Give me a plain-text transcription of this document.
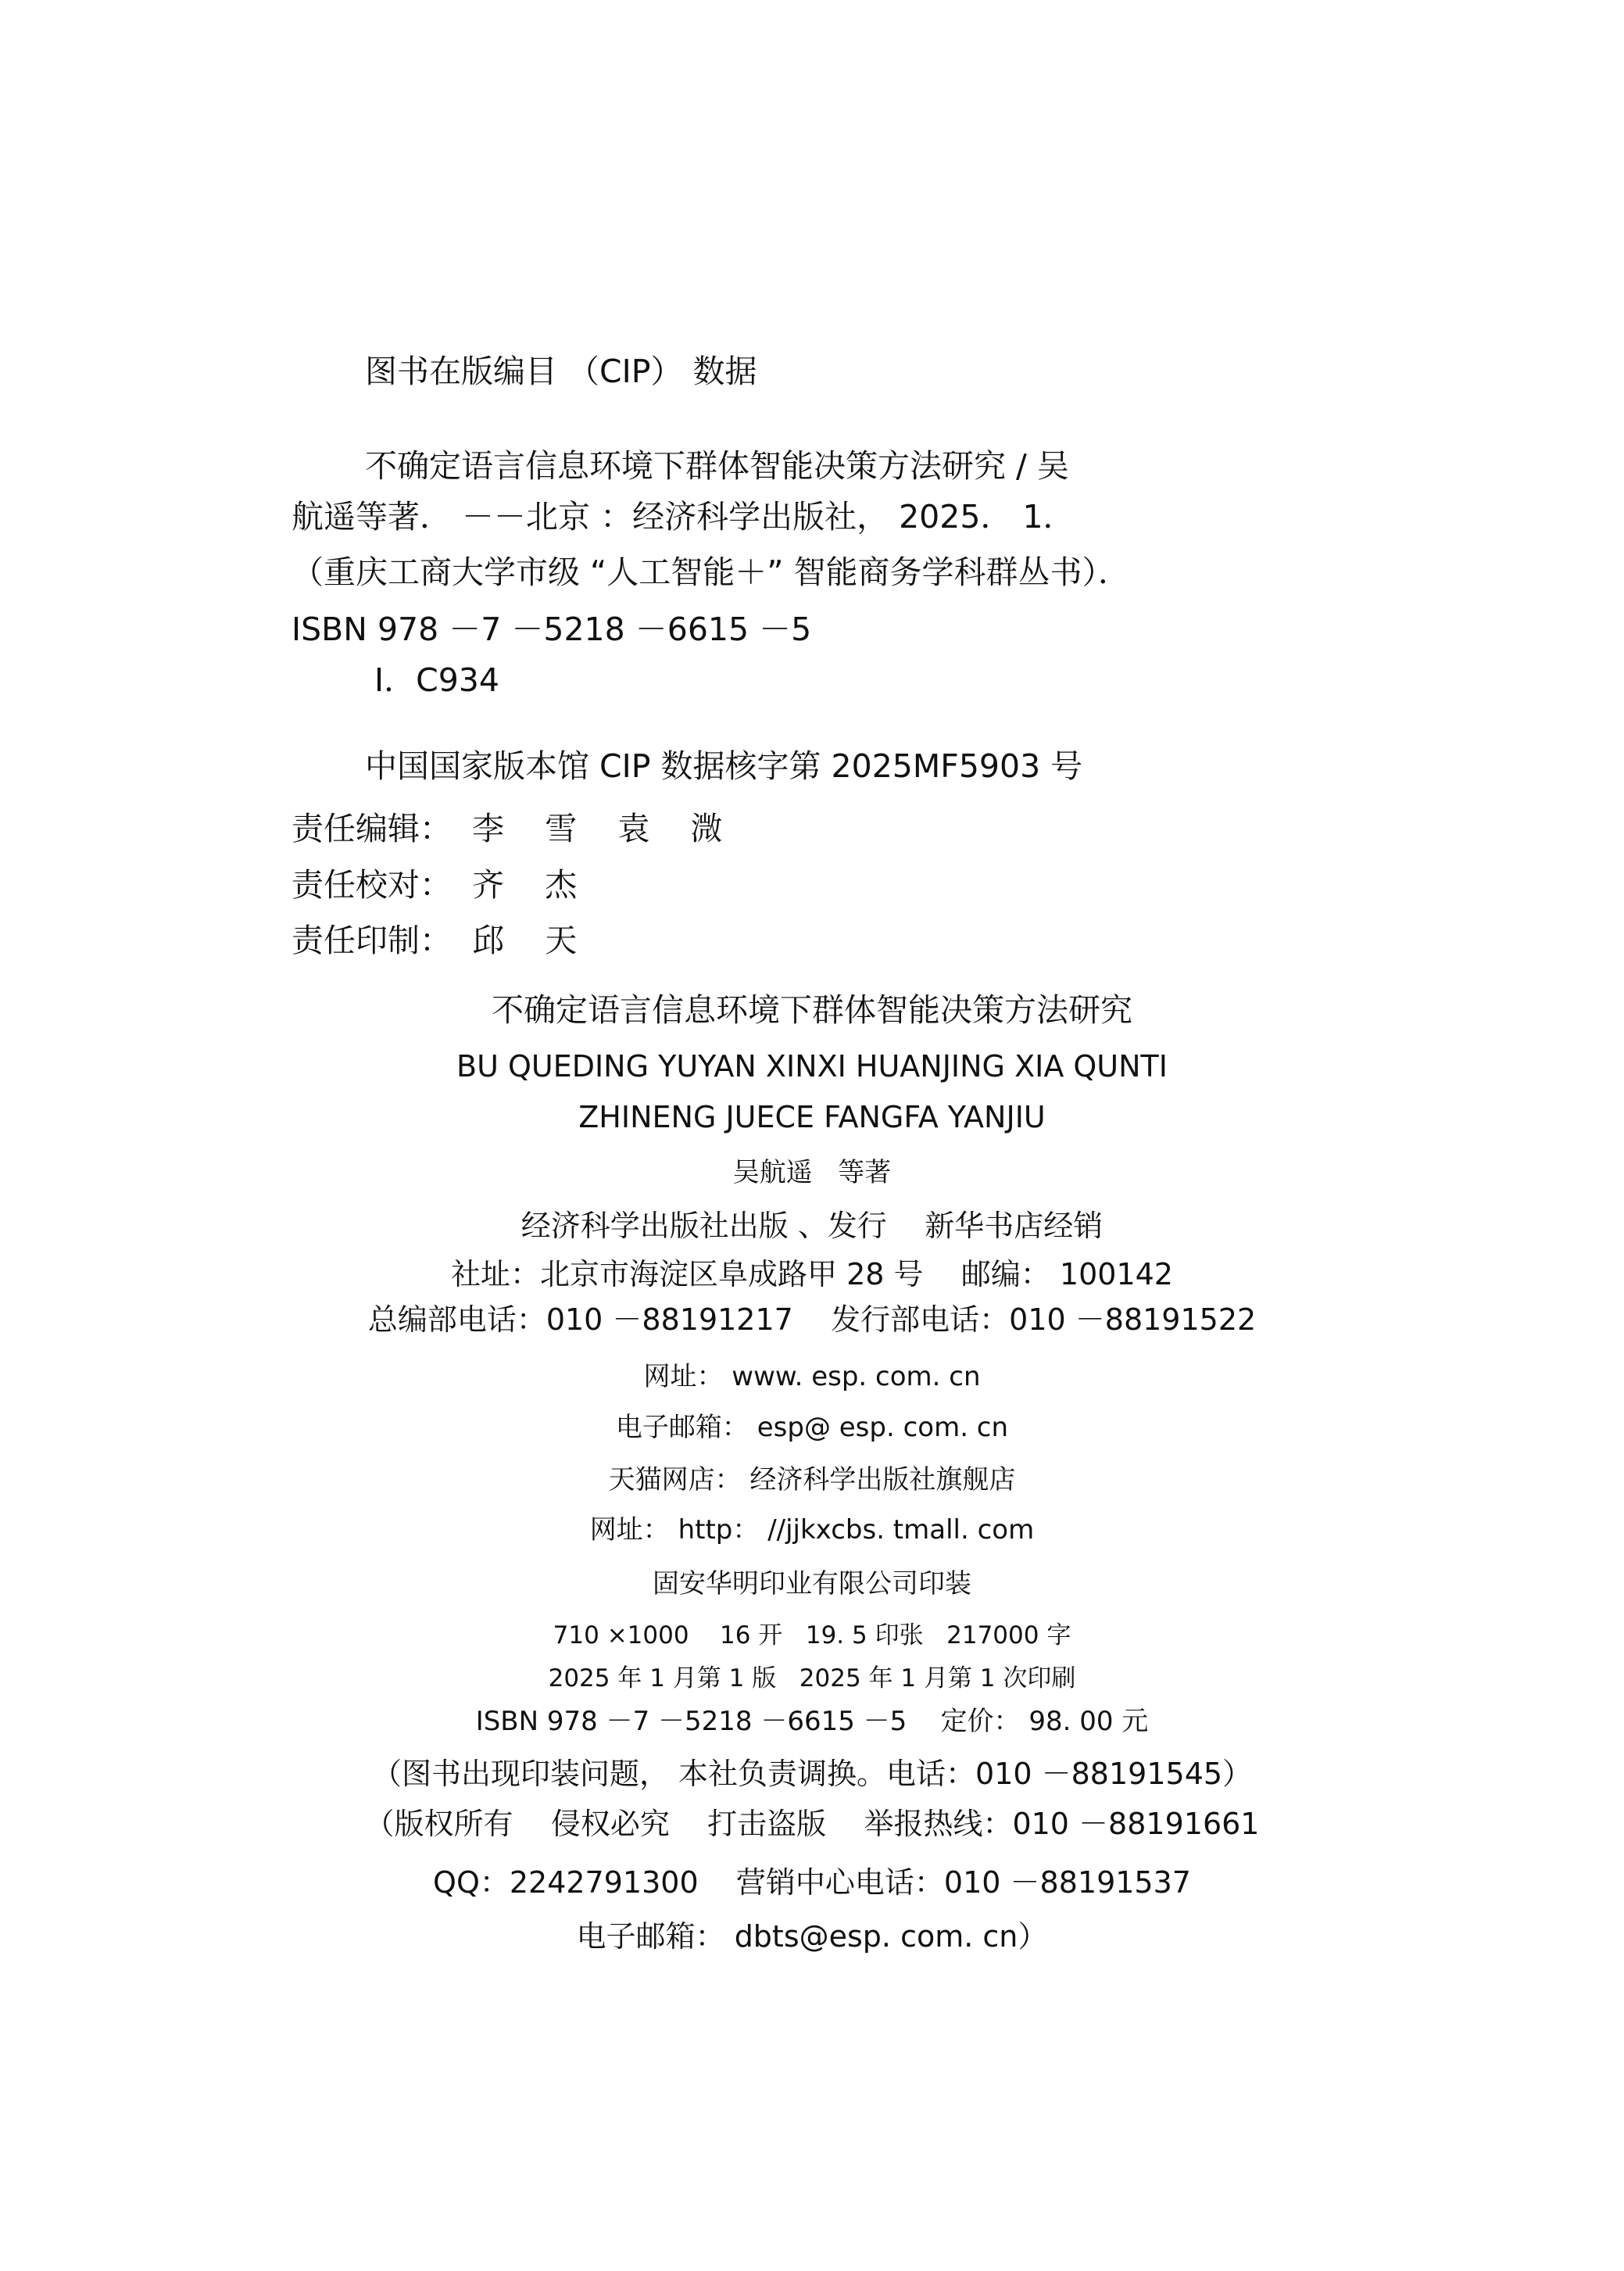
图书在版编目 （CIP） 数据
不确定语言信息环境下群体智能决策方法研究 / 吴
航遥等著． －－北京 ：经济科学出版社， 2025． 1．
（重庆工商大学市级 “人工智能＋” 智能商务学科群丛书）．
ISBN 978 －7 －5218 －6615 －5
Ⅰ．C934
中国国家版本馆 CIP 数据核字第 2025MF5903 号
责任编辑：  李    雪    袁    溦
责任校对：  齐    杰
责任印制：  邱    天
不确定语言信息环境下群体智能决策方法研究
BU QUEDING YUYAN XINXI HUANJING XIA QUNTI
ZHINENG JUECE FANGFA YANJIU
吴航遥   等著
经济科学出版社出版 、发行    新华书店经销
社址：北京市海淀区阜成路甲 28 号    邮编： 100142
总编部电话：010 －88191217    发行部电话：010 －88191522
网址： www. esp. com. cn
电子邮箱： esp@ esp. com. cn
天猫网店： 经济科学出版社旗舰店
网址： http： //jjkxcbs. tmall. com
固安华明印业有限公司印装
710 ×1000    16 开   19. 5 印张   217000 字
2025 年 1 月第 1 版   2025 年 1 月第 1 次印刷
ISBN 978 －7 －5218 －6615 －5    定价： 98. 00 元
（图书出现印装问题， 本社负责调换。电话：010 －88191545）
（版权所有    侵权必究    打击盗版    举报热线：010 －88191661
QQ：2242791300    营销中心电话：010 －88191537
电子邮箱： dbts@esp. com. cn）
